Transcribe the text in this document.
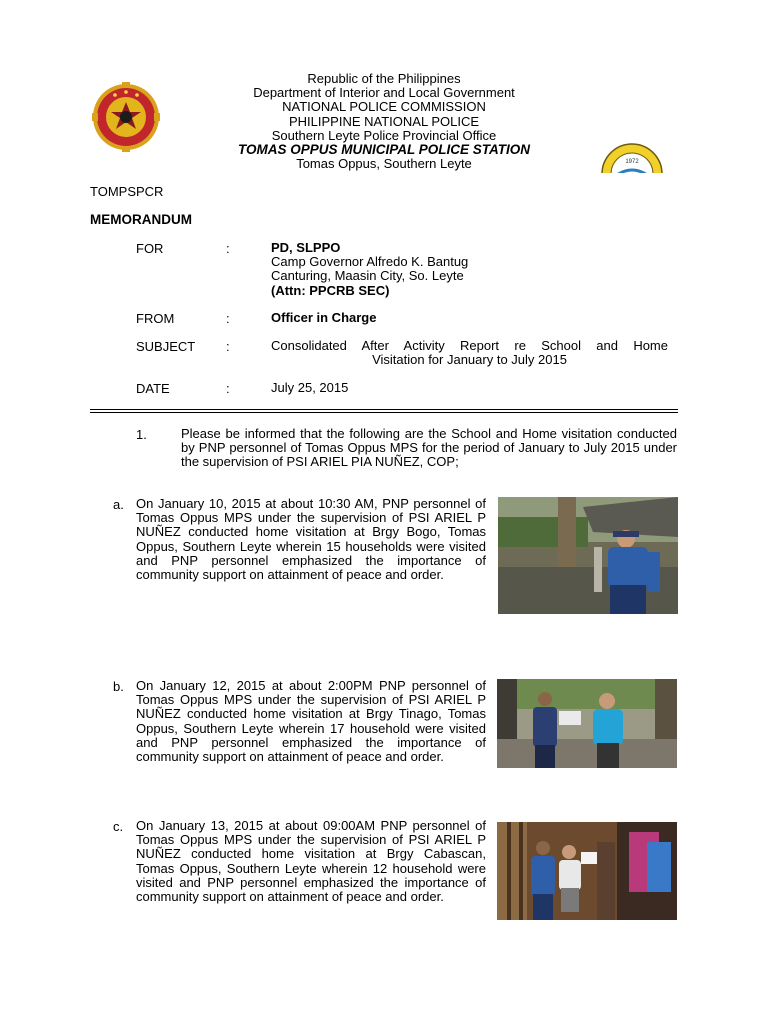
1972
Republic of the Philippines
Department of Interior and Local Government
NATIONAL POLICE COMMISSION
PHILIPPINE NATIONAL POLICE
Southern Leyte Police Provincial Office
TOMAS OPPUS MUNICIPAL POLICE STATION
Tomas Oppus, Southern Leyte
TOMPSPCR
MEMORANDUM
FOR	:	PD, SLPPO
Camp Governor Alfredo K. Bantug
Canturing, Maasin City, So. Leyte
(Attn: PPCRB SEC)
FROM	:	Officer in Charge
SUBJECT :	Consolidated After Activity Report re School and Home
Visitation for January to July 2015
DATE	:	July 25, 2015
1.	Please be informed that the following are the School and Home visitation conducted by PNP personnel of Tomas Oppus MPS for the period of January to July 2015 under the supervision of PSI ARIEL PIA NUÑEZ, COP;
a. On January 10, 2015 at about 10:30 AM, PNP personnel of Tomas Oppus MPS under the supervision of PSI ARIEL P NUÑEZ conducted home visitation at Brgy Bogo, Tomas Oppus, Southern Leyte wherein 15 households were visited and PNP personnel emphasized the importance of community support on attainment of peace and order.
b. On January 12, 2015 at about 2:00PM PNP personnel of Tomas Oppus MPS under the supervision of PSI ARIEL P NUÑEZ conducted home visitation at Brgy Tinago, Tomas Oppus, Southern Leyte wherein 17 household were visited and PNP personnel emphasized the importance of community support on attainment of peace and order.
c. On January 13, 2015 at about 09:00AM PNP personnel of Tomas Oppus MPS under the supervision of PSI ARIEL P NUÑEZ conducted home visitation at Brgy Cabascan, Tomas Oppus, Southern Leyte wherein 12 household were visited and PNP personnel emphasized the importance of community support on attainment of peace and order.
